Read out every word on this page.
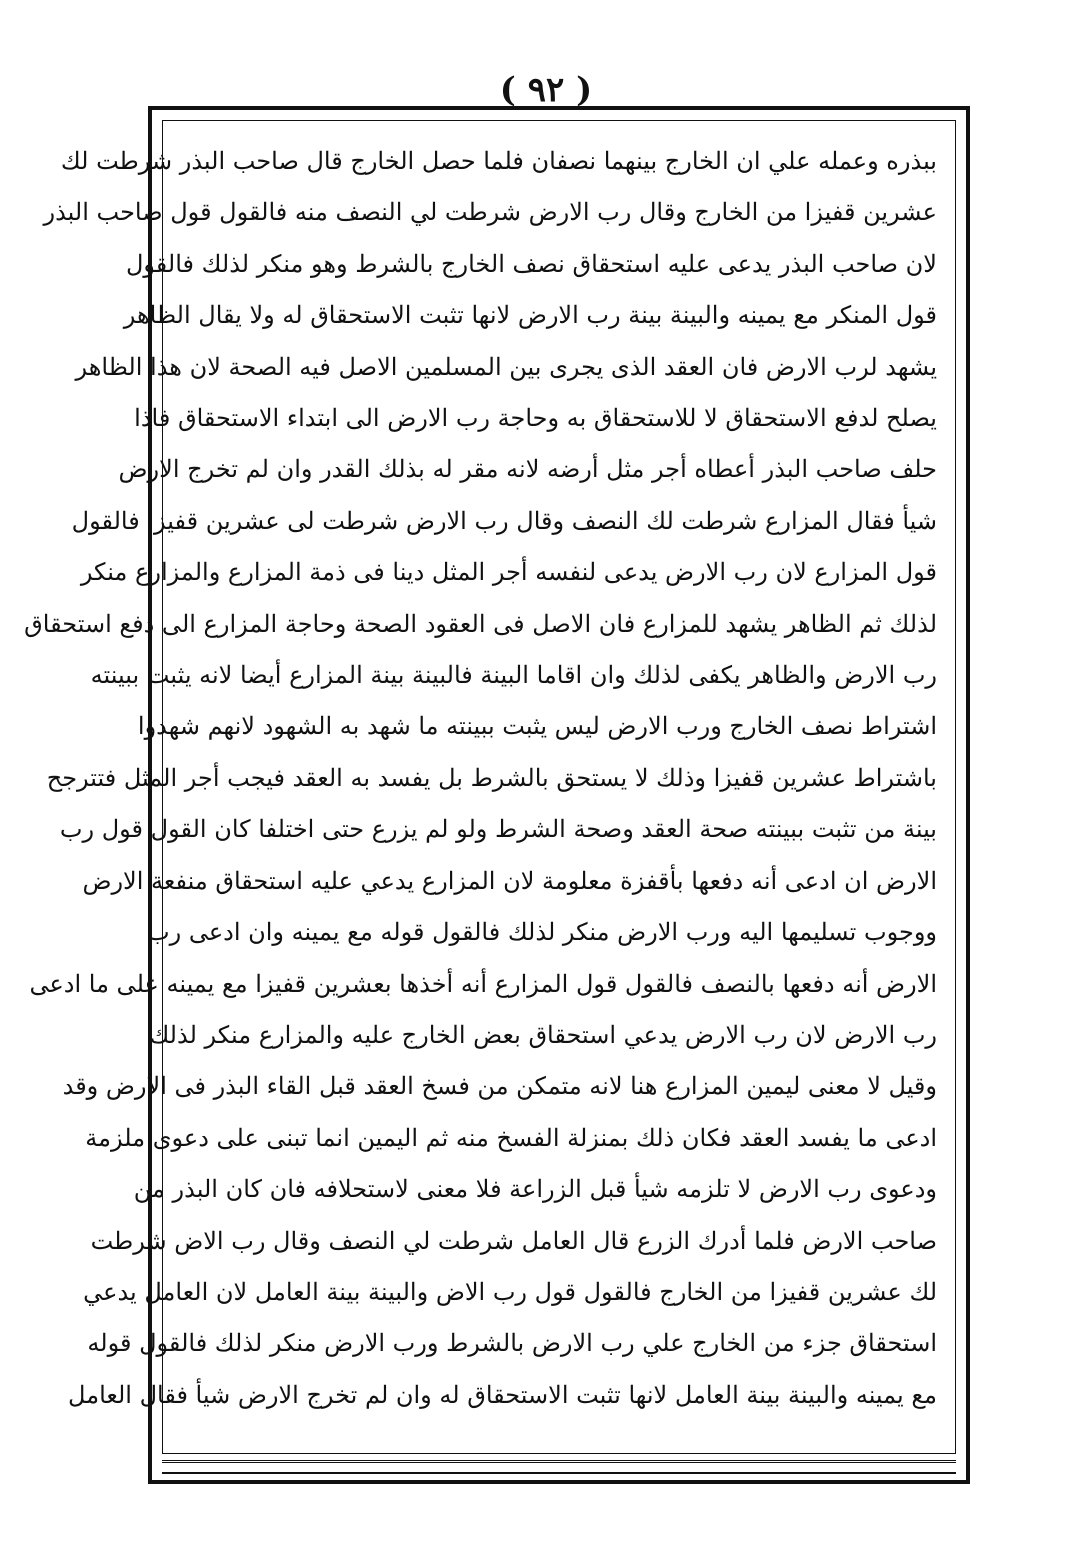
( ٩٢ )
ببذره وعمله علي ان الخارج بينهما نصفان فلما حصل الخارج قال صاحب البذر شرطت لك
عشرين قفيزا من الخارج وقال رب الارض شرطت لي النصف منه فالقول قول صاحب البذر
لان صاحب البذر يدعى عليه استحقاق نصف الخارج بالشرط وهو منكر لذلك فالقول
قول المنكر مع يمينه والبينة بينة رب الارض لانها تثبت الاستحقاق له ولا يقال الظاهر
يشهد لرب الارض فان العقد الذى يجرى بين المسلمين الاصل فيه الصحة لان هذا الظاهر
يصلح لدفع الاستحقاق لا للاستحقاق به وحاجة رب الارض الى ابتداء الاستحقاق فاذا
حلف صاحب البذر أعطاه أجر مثل أرضه لانه مقر له بذلك القدر وان لم تخرج الارض
شيأ فقال المزارع شرطت لك النصف وقال رب الارض شرطت لى عشرين قفيزا فالقول
قول المزارع لان رب الارض يدعى لنفسه أجر المثل دينا فى ذمة المزارع والمزارع منكر
لذلك ثم الظاهر يشهد للمزارع فان الاصل فى العقود الصحة وحاجة المزارع الى دفع استحقاق
رب الارض والظاهر يكفى لذلك وان اقاما البينة فالبينة بينة المزارع أيضا لانه يثبت ببينته
اشتراط نصف الخارج ورب الارض ليس يثبت ببينته ما شهد به الشهود لانهم شهدوا
باشتراط عشرين قفيزا وذلك لا يستحق بالشرط بل يفسد به العقد فيجب أجر المثل فتترجح
بينة من تثبت ببينته صحة العقد وصحة الشرط ولو لم يزرع حتى اختلفا كان القول قول رب
الارض ان ادعى أنه دفعها بأقفزة معلومة لان المزارع يدعي عليه استحقاق منفعة الارض
ووجوب تسليمها اليه ورب الارض منكر لذلك فالقول قوله مع يمينه وان ادعى رب
الارض أنه دفعها بالنصف فالقول قول المزارع أنه أخذها بعشرين قفيزا مع يمينه على ما ادعى
رب الارض لان رب الارض يدعي استحقاق بعض الخارج عليه والمزارع منكر لذلك
وقيل لا معنى ليمين المزارع هنا لانه متمكن من فسخ العقد قبل القاء البذر فى الارض وقد
ادعى ما يفسد العقد فكان ذلك بمنزلة الفسخ منه ثم اليمين انما تبنى على دعوى ملزمة
ودعوى رب الارض لا تلزمه شيأ قبل الزراعة فلا معنى لاستحلافه فان كان البذر من
صاحب الارض فلما أدرك الزرع قال العامل شرطت لي النصف وقال رب الاض شرطت
لك عشرين قفيزا من الخارج فالقول قول رب الاض والبينة بينة العامل لان العامل يدعي
استحقاق جزء من الخارج علي رب الارض بالشرط ورب الارض منكر لذلك فالقول قوله
مع يمينه والبينة بينة العامل لانها تثبت الاستحقاق له وان لم تخرج الارض شيأ فقال العامل
